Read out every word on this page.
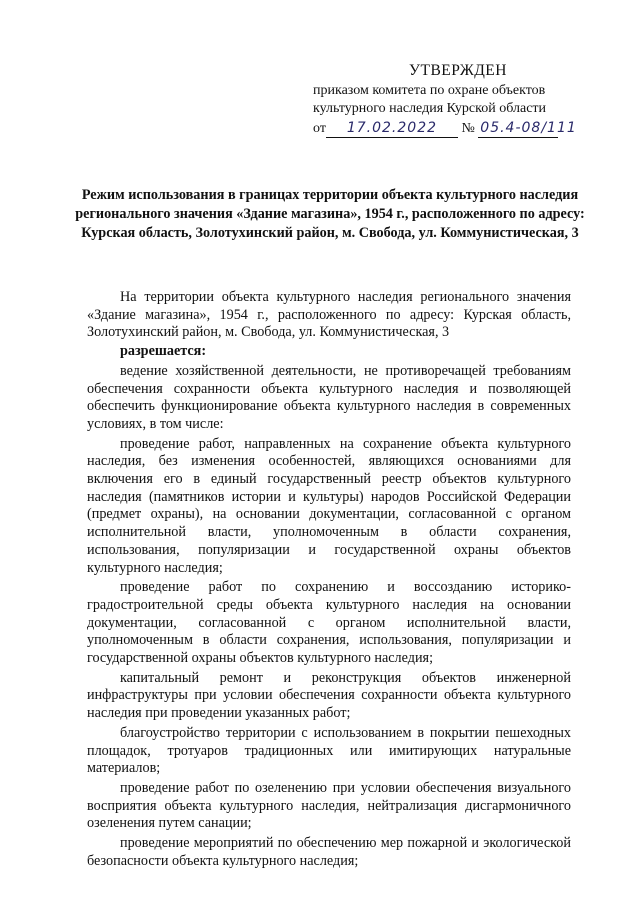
УТВЕРЖДЕН
приказом комитета по охране объектов
культурного наследия Курской области
от 17.02.2022 № 05.4-08/111
Режим использования в границах территории объекта культурного наследия регионального значения «Здание магазина», 1954 г., расположенного по адресу: Курская область, Золотухинский район, м. Свобода, ул. Коммунистическая, 3

На территории объекта культурного наследия регионального значения «Здание магазина», 1954 г., расположенного по адресу: Курская область, Золотухинский район, м. Свобода, ул. Коммунистическая, 3

разрешается:

ведение хозяйственной деятельности, не противоречащей требованиям обеспечения сохранности объекта культурного наследия и позволяющей обеспечить функционирование объекта культурного наследия в современных условиях, в том числе:

проведение работ, направленных на сохранение объекта культурного наследия, без изменения особенностей, являющихся основаниями для включения его в единый государственный реестр объектов культурного наследия (памятников истории и культуры) народов Российской Федерации (предмет охраны), на основании документации, согласованной с органом исполнительной власти, уполномоченным в области сохранения, использования, популяризации и государственной охраны объектов культурного наследия;

проведение работ по сохранению и воссозданию историко-градостроительной среды объекта культурного наследия на основании документации, согласованной с органом исполнительной власти, уполномоченным в области сохранения, использования, популяризации и государственной охраны объектов культурного наследия;

капитальный ремонт и реконструкция объектов инженерной инфраструктуры при условии обеспечения сохранности объекта культурного наследия при проведении указанных работ;

благоустройство территории с использованием в покрытии пешеходных площадок, тротуаров традиционных или имитирующих натуральные материалов;

проведение работ по озеленению при условии обеспечения визуального восприятия объекта культурного наследия, нейтрализация дисгармоничного озеленения путем санации;

проведение мероприятий по обеспечению мер пожарной и экологической безопасности объекта культурного наследия;
